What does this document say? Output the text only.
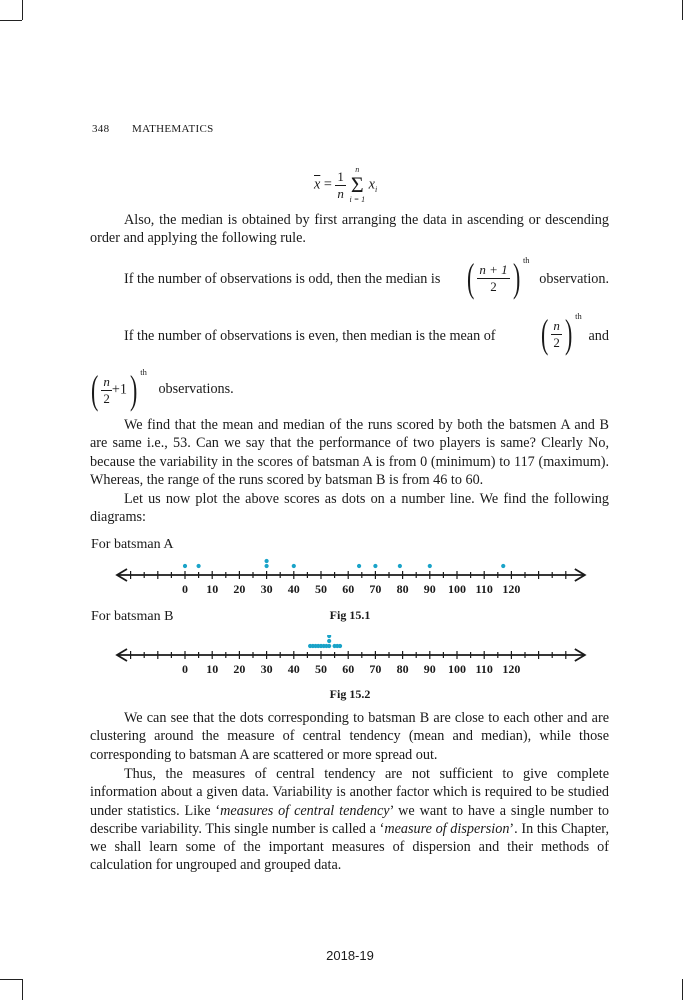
348 MATHEMATICS
$\overline{x} = \frac{1}{n}$
n
Σ
i = 1
$x_i$
Also, the median is obtained by first arranging the data in ascending or descending order and applying the following rule.
If the number of observations is odd, then the median is ( $\frac{n + 1}{2}$ ) $^{th}$
observation.
If the number of observations is even, then median is the mean of ( $\frac{n}{2}$ ) $^{th}$
and
( $\frac{n}{2} +1$) $^{th}$ observations.
We find that the mean and median of the runs scored by both the batsmen A and B are same i.e., 53. Can we say that the performance of two players is same? Clearly No, because the variability in the scores of batsman A is from 0 (minimum) to 117 (maximum). Whereas, the range of the runs scored by batsman B is from 46 to 60.
Let us now plot the above scores as dots on a number line. We find the following diagrams:
For batsman A
0 10 20 30 40 50 60 70 80 90 100 110 120
Fig 15.1
For batsman B
0 10 20 30 40 50 60 70 80 90 100 110 120
Fig 15.2
We can see that the dots corresponding to batsman B are close to each other and are clustering around the measure of central tendency (mean and median), while those corresponding to batsman A are scattered or more spread out.
Thus, the measures of central tendency are not sufficient to give complete information about a given data. Variability is another factor which is required to be studied under statistics. Like ‘measures of central tendency’ we want to have a single number to describe variability. This single number is called a ‘measure of dispersion’. In this Chapter, we shall learn some of the important measures of dispersion and their methods of calculation for ungrouped and grouped data.
2018-19
